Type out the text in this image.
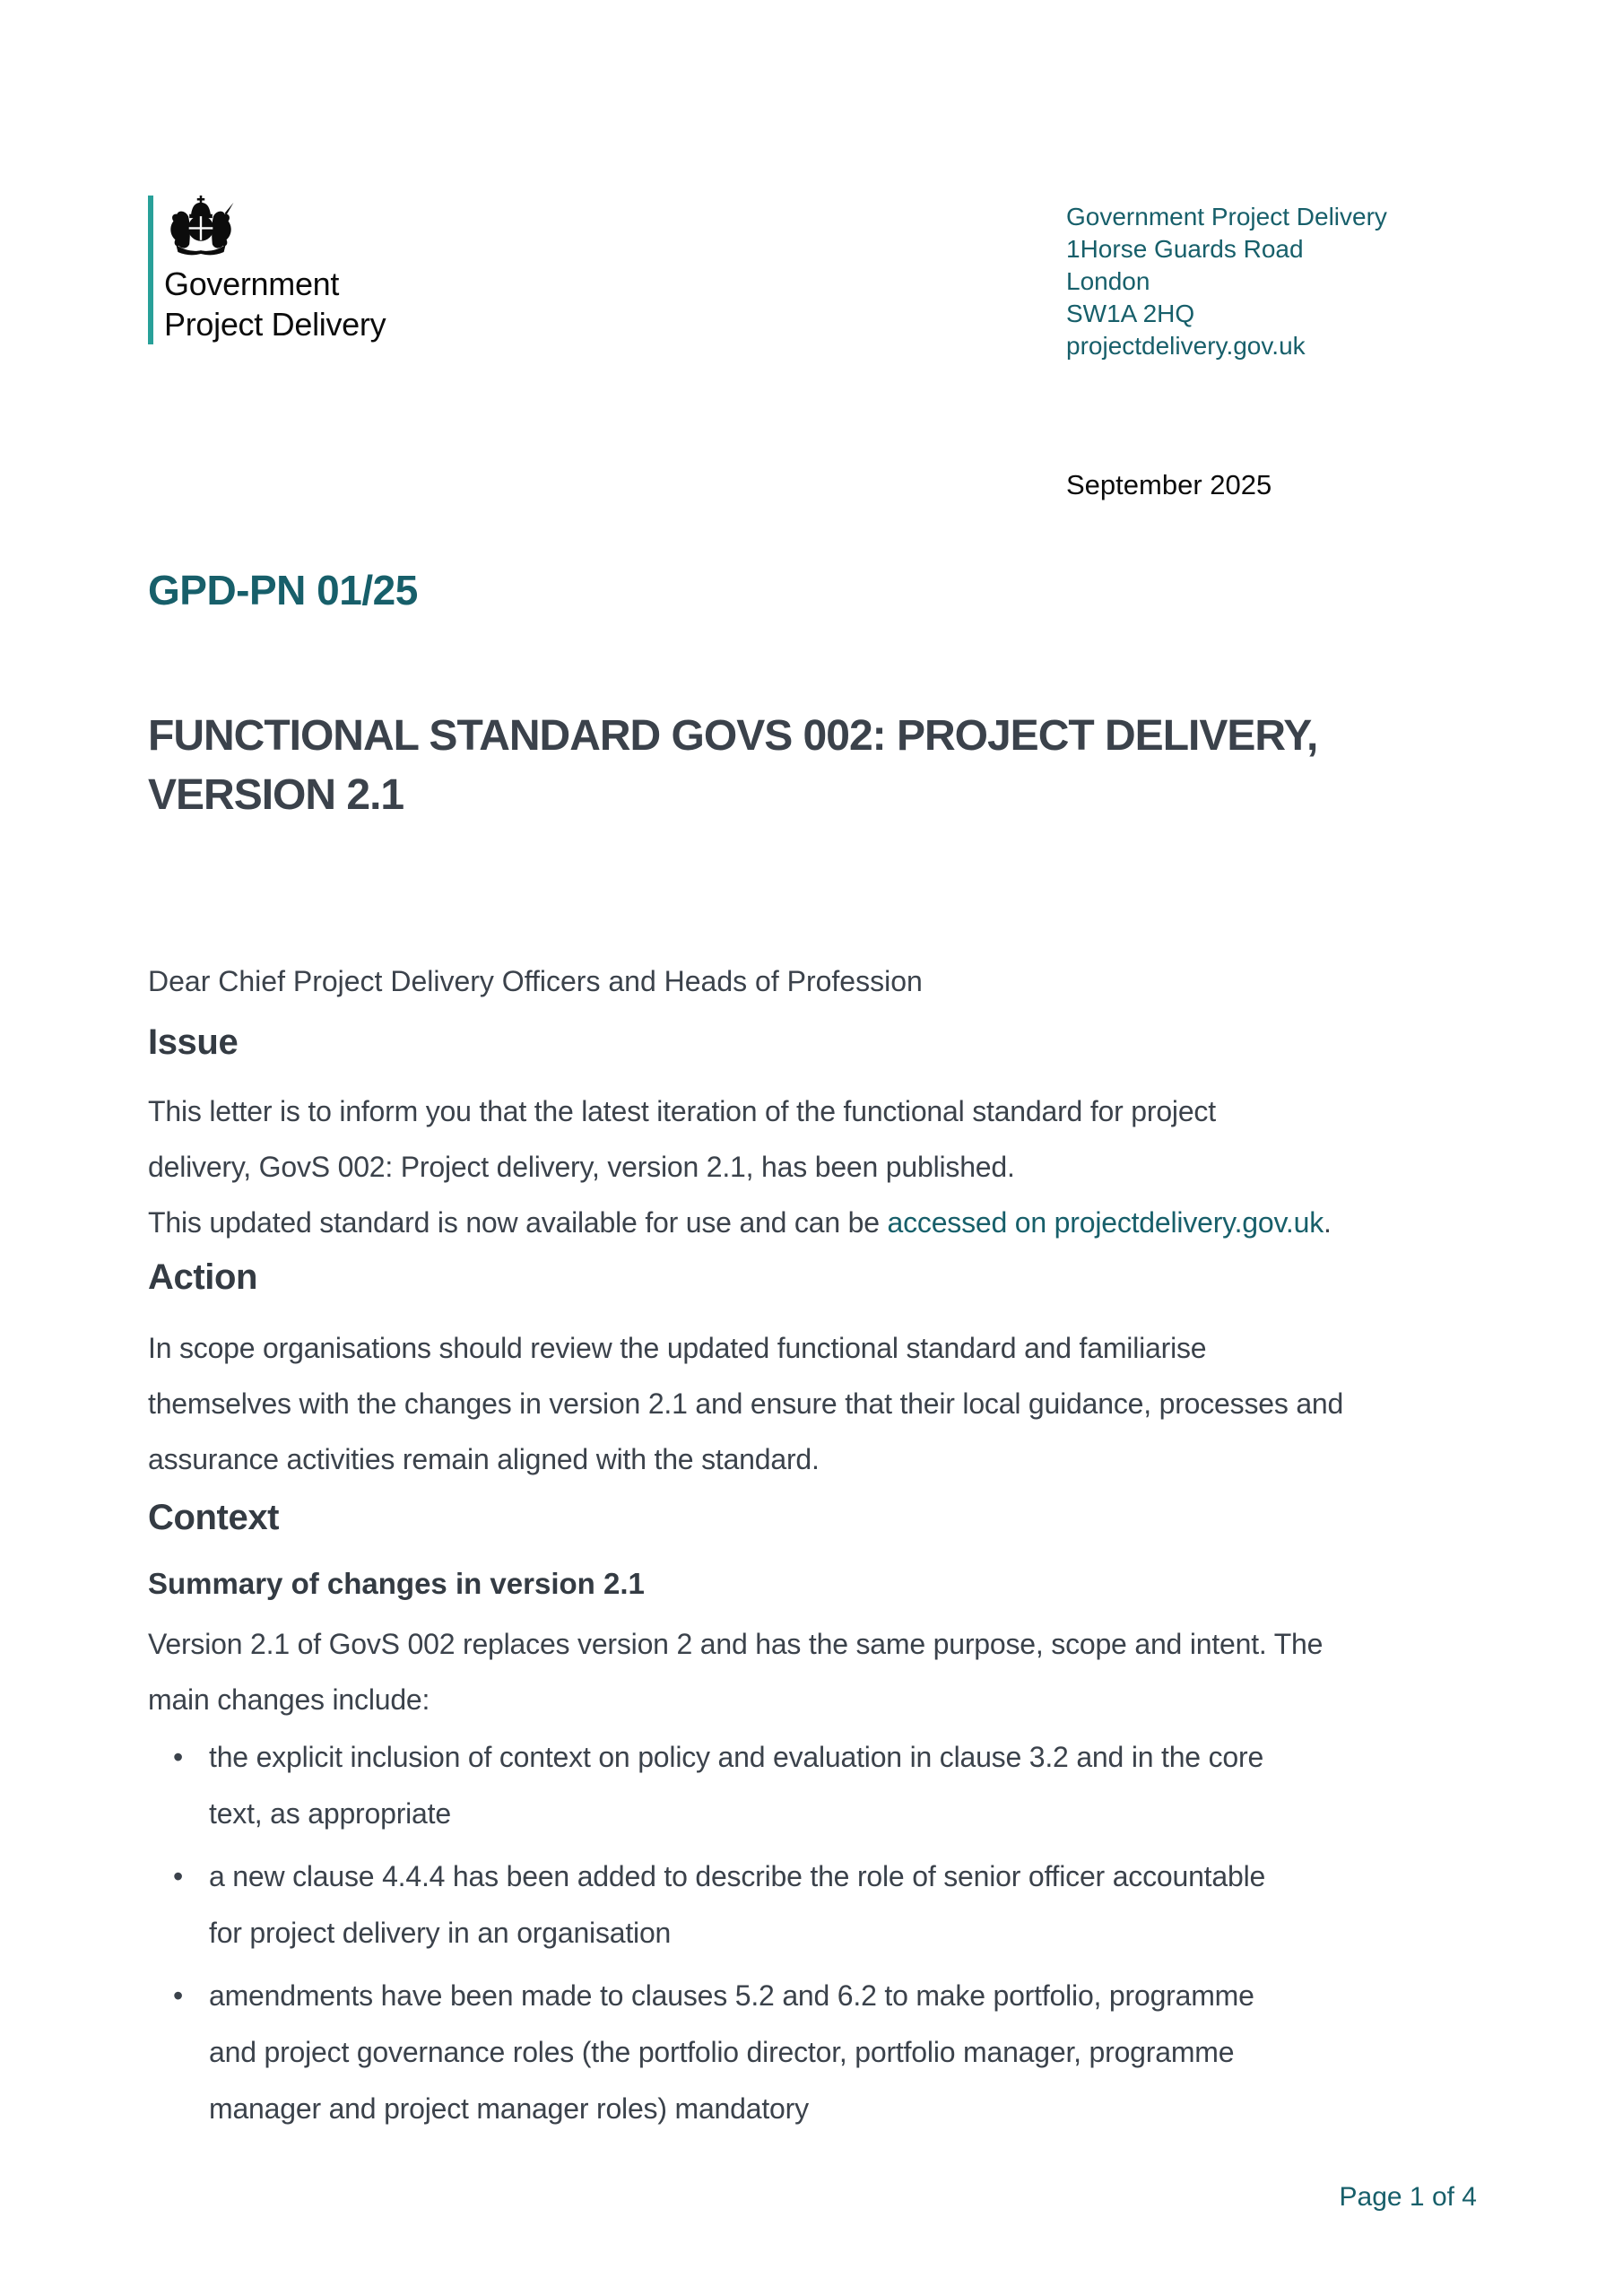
Government
Project Delivery
Government Project Delivery
1Horse Guards Road
London
SW1A 2HQ
projectdelivery.gov.uk
September 2025
GPD-PN 01/25
FUNCTIONAL STANDARD GOVS 002: PROJECT DELIVERY,
VERSION 2.1
Dear Chief Project Delivery Officers and Heads of Profession
Issue
This letter is to inform you that the latest iteration of the functional standard for project
delivery, GovS 002: Project delivery, version 2.1, has been published.
This updated standard is now available for use and can be accessed on projectdelivery.gov.uk.
Action
In scope organisations should review the updated functional standard and familiarise
themselves with the changes in version 2.1 and ensure that their local guidance, processes and
assurance activities remain aligned with the standard.
Context
Summary of changes in version 2.1
Version 2.1 of GovS 002 replaces version 2 and has the same purpose, scope and intent. The
main changes include:
• the explicit inclusion of context on policy and evaluation in clause 3.2 and in the core
text, as appropriate
• a new clause 4.4.4 has been added to describe the role of senior officer accountable
for project delivery in an organisation
• amendments have been made to clauses 5.2 and 6.2 to make portfolio, programme
and project governance roles (the portfolio director, portfolio manager, programme
manager and project manager roles) mandatory
Page 1 of 4
